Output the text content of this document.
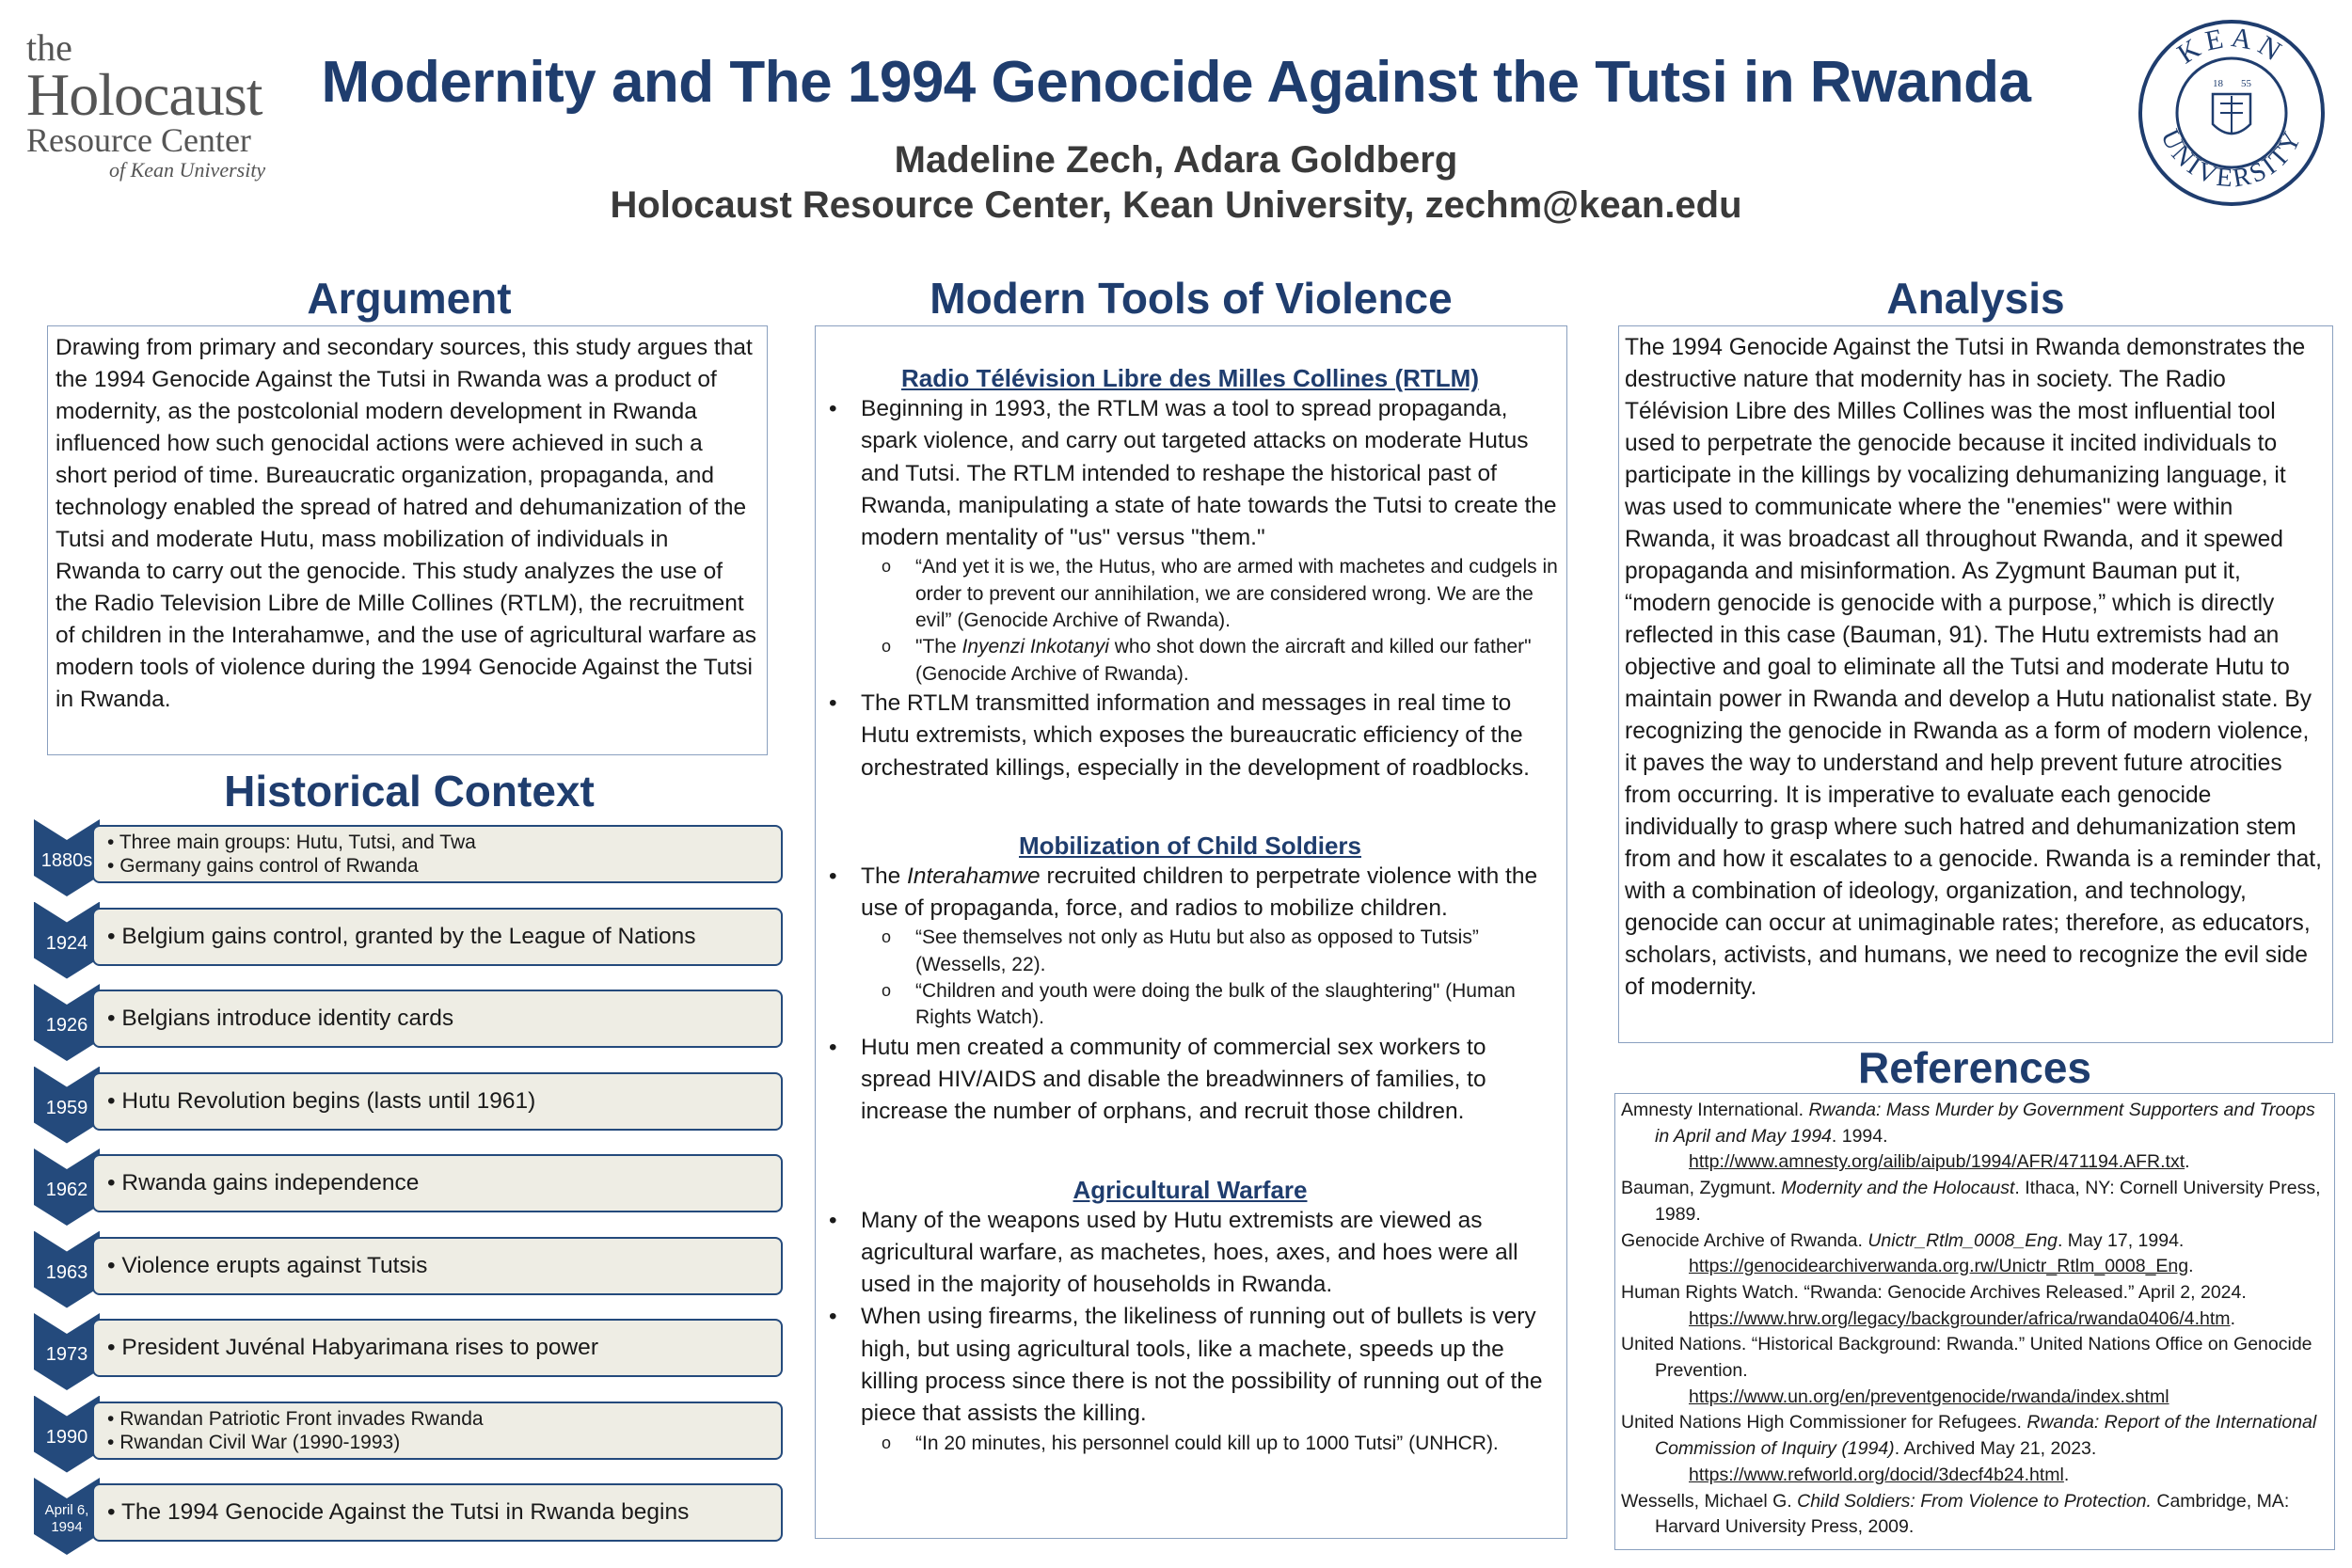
the
Holocaust
Resource Center
of Kean University
Modernity and The 1994 Genocide Against the Tutsi in Rwanda
Madeline Zech, Adara Goldberg
Holocaust Resource Center, Kean University, zechm@kean.edu
KEAN
UNIVERSITY
18 55
Argument
Drawing from primary and secondary sources, this study argues that the 1994 Genocide Against the Tutsi in Rwanda was a product of modernity, as the postcolonial modern development in Rwanda influenced how such genocidal actions were achieved in such a short period of time. Bureaucratic organization, propaganda, and technology enabled the spread of hatred and dehumanization of the Tutsi and moderate Hutu, mass mobilization of individuals in Rwanda to carry out the genocide. This study analyzes the use of the Radio Television Libre de Mille Collines (RTLM), the recruitment of children in the Interahamwe, and the use of agricultural warfare as modern tools of violence during the 1994 Genocide Against the Tutsi in Rwanda.
Historical Context
• Three main groups: Hutu, Tutsi, and Twa
• Germany gains control of Rwanda
1880s
• Belgium gains control, granted by the League of Nations
1924
• Belgians introduce identity cards
1926
• Hutu Revolution begins (lasts until 1961)
1959
• Rwanda gains independence
1962
• Violence erupts against Tutsis
1963
• President Juvénal Habyarimana rises to power
1973
• Rwandan Patriotic Front invades Rwanda
• Rwandan Civil War (1990-1993)
1990
• The 1994 Genocide Against the Tutsi in Rwanda begins
April 6, 1994
Modern Tools of Violence
Radio Télévision Libre des Milles Collines (RTLM)
• Beginning in 1993, the RTLM was a tool to spread propaganda, spark violence, and carry out targeted attacks on moderate Hutus and Tutsi. The RTLM intended to reshape the historical past of Rwanda, manipulating a state of hate towards the Tutsi to create the modern mentality of "us" versus "them."
o “And yet it is we, the Hutus, who are armed with machetes and cudgels in order to prevent our annihilation, we are considered wrong. We are the evil” (Genocide Archive of Rwanda).
o "The Inyenzi Inkotanyi who shot down the aircraft and killed our father" (Genocide Archive of Rwanda).
• The RTLM transmitted information and messages in real time to Hutu extremists, which exposes the bureaucratic efficiency of the orchestrated killings, especially in the development of roadblocks.
Mobilization of Child Soldiers
• The Interahamwe recruited children to perpetrate violence with the use of propaganda, force, and radios to mobilize children.
o “See themselves not only as Hutu but also as opposed to Tutsis” (Wessells, 22).
o “Children and youth were doing the bulk of the slaughtering" (Human Rights Watch).
• Hutu men created a community of commercial sex workers to spread HIV/AIDS and disable the breadwinners of families, to increase the number of orphans, and recruit those children.
Agricultural Warfare
• Many of the weapons used by Hutu extremists are viewed as agricultural warfare, as machetes, hoes, axes, and hoes were all used in the majority of households in Rwanda.
• When using firearms, the likeliness of running out of bullets is very high, but using agricultural tools, like a machete, speeds up the killing process since there is not the possibility of running out of the piece that assists the killing.
o “In 20 minutes, his personnel could kill up to 1000 Tutsi” (UNHCR).
Analysis
The 1994 Genocide Against the Tutsi in Rwanda demonstrates the destructive nature that modernity has in society. The Radio Télévision Libre des Milles Collines was the most influential tool used to perpetrate the genocide because it incited individuals to participate in the killings by vocalizing dehumanizing language, it was used to communicate where the "enemies" were within Rwanda, it was broadcast all throughout Rwanda, and it spewed propaganda and misinformation. As Zygmunt Bauman put it, “modern genocide is genocide with a purpose,” which is directly reflected in this case (Bauman, 91). The Hutu extremists had an objective and goal to eliminate all the Tutsi and moderate Hutu to maintain power in Rwanda and develop a Hutu nationalist state. By recognizing the genocide in Rwanda as a form of modern violence, it paves the way to understand and help prevent future atrocities from occurring. It is imperative to evaluate each genocide individually to grasp where such hatred and dehumanization stem from and how it escalates to a genocide. Rwanda is a reminder that, with a combination of ideology, organization, and technology, genocide can occur at unimaginable rates; therefore, as educators, scholars, activists, and humans, we need to recognize the evil side of modernity.
References
Amnesty International. Rwanda: Mass Murder by Government Supporters and Troops in April and May 1994. 1994.
http://www.amnesty.org/ailib/aipub/1994/AFR/471194.AFR.txt.
Bauman, Zygmunt. Modernity and the Holocaust. Ithaca, NY: Cornell University Press, 1989.
Genocide Archive of Rwanda. Unictr_Rtlm_0008_Eng. May 17, 1994.
https://genocidearchiverwanda.org.rw/Unictr_Rtlm_0008_Eng.
Human Rights Watch. “Rwanda: Genocide Archives Released.” April 2, 2024.
https://www.hrw.org/legacy/backgrounder/africa/rwanda0406/4.htm.
United Nations. “Historical Background: Rwanda.” United Nations Office on Genocide Prevention.
https://www.un.org/en/preventgenocide/rwanda/index.shtml
United Nations High Commissioner for Refugees. Rwanda: Report of the International Commission of Inquiry (1994). Archived May 21, 2023.
https://www.refworld.org/docid/3decf4b24.html.
Wessells, Michael G. Child Soldiers: From Violence to Protection. Cambridge, MA: Harvard University Press, 2009.
